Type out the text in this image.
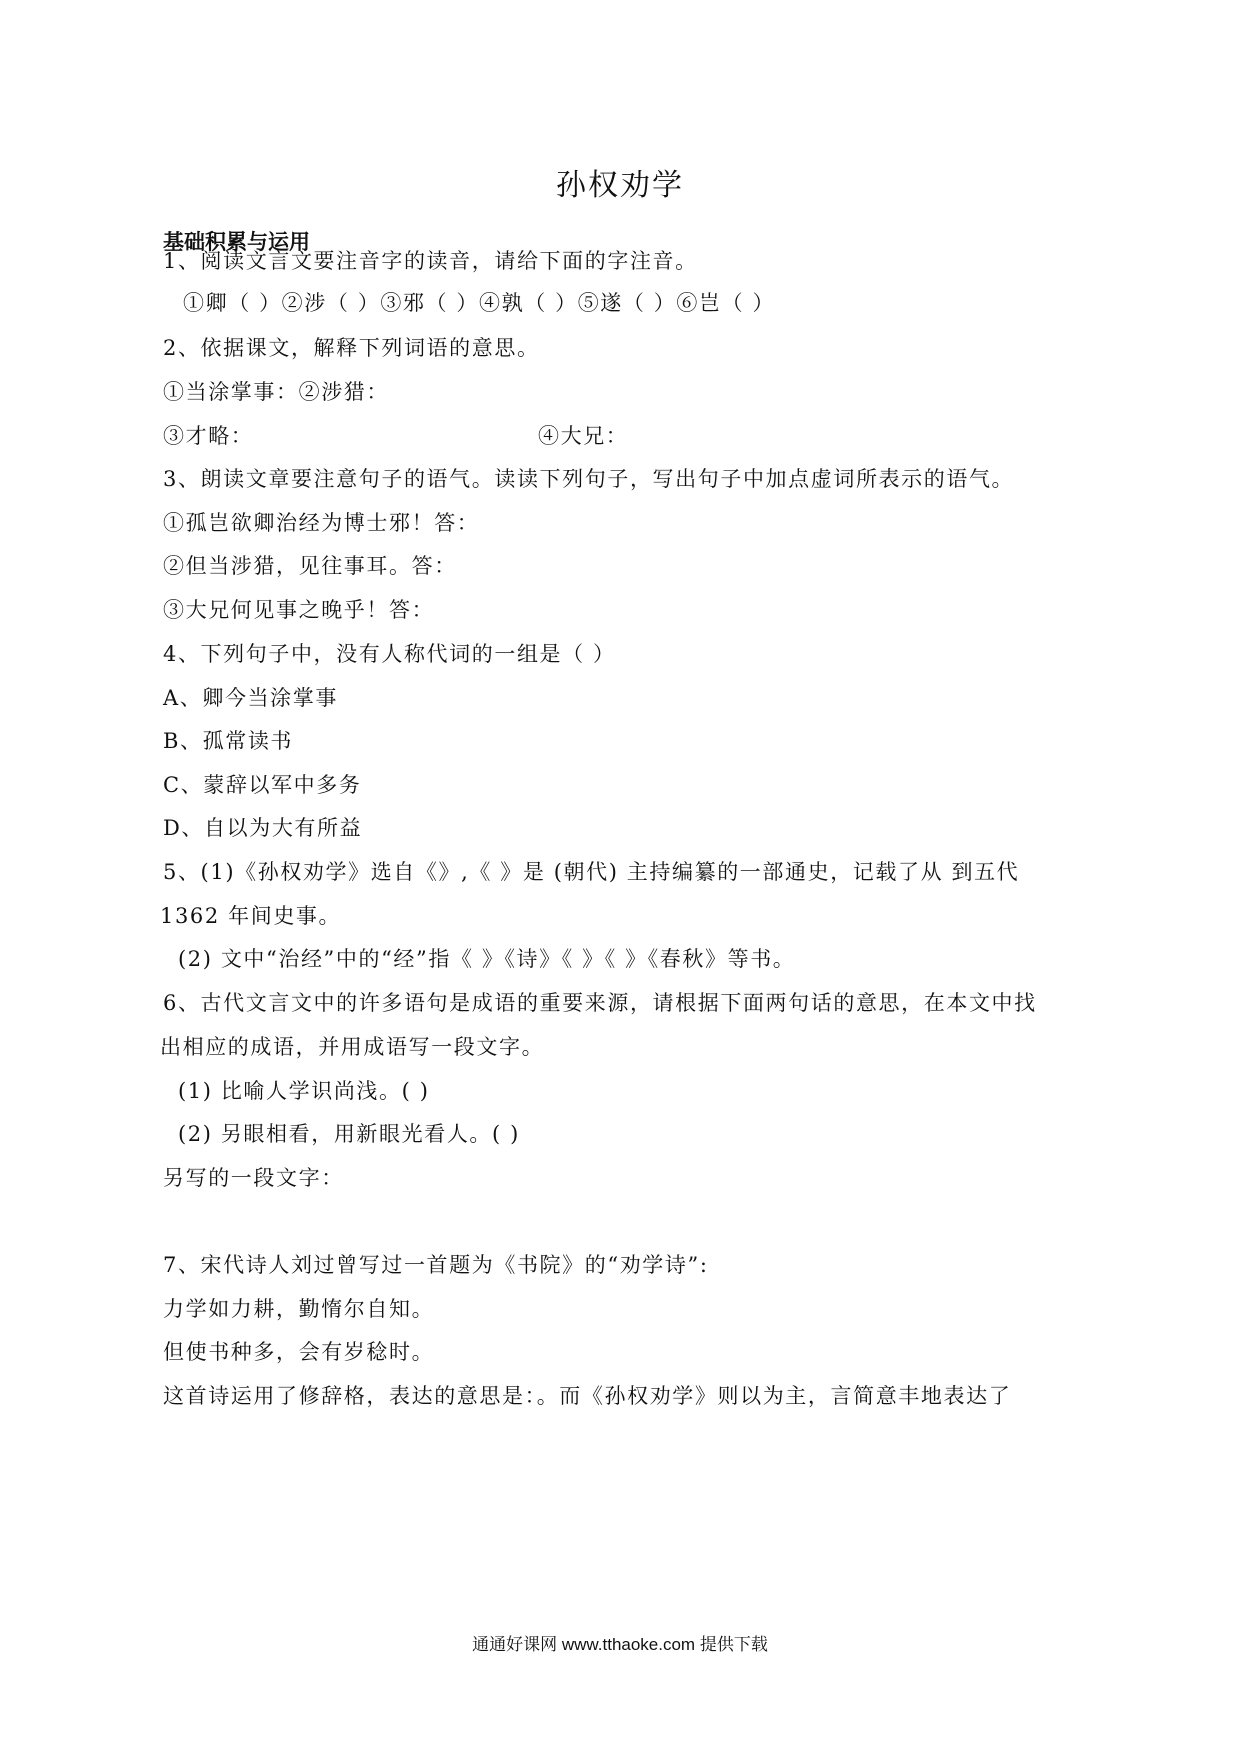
孙权劝学
基础积累与运用
1、阅读文言文要注音字的读音，请给下面的字注音。
①卿（ ）②涉（ ）③邪（ ）④孰（ ）⑤遂（ ）⑥岂（ ）
2、依据课文，解释下列词语的意思。
①当涂掌事：②涉猎：
③才略：	④大兄：
3、朗读文章要注意句子的语气。读读下列句子，写出句子中加点虚词所表示的语气。
①孤岂欲卿治经为博士邪！答：
②但当涉猎，见往事耳。答：
③大兄何见事之晚乎！答：
4、下列句子中，没有人称代词的一组是（ ）
A、卿今当涂掌事
B、孤常读书
C、蒙辞以军中多务
D、自以为大有所益
5、(1)《孙权劝学》选自《》,《 》是 (朝代) 主持编纂的一部通史，记载了从 到五代
1362 年间史事。
(2) 文中“治经”中的“经”指《 》《诗》《 》《 》《春秋》等书。
6、古代文言文中的许多语句是成语的重要来源，请根据下面两句话的意思，在本文中找
出相应的成语，并用成语写一段文字。
(1) 比喻人学识尚浅。( )
(2) 另眼相看，用新眼光看人。( )
另写的一段文字：
7、宋代诗人刘过曾写过一首题为《书院》的“劝学诗”:
力学如力耕，勤惰尔自知。
但使书种多，会有岁稔时。
这首诗运用了修辞格，表达的意思是：。而《孙权劝学》则以为主，言简意丰地表达了
通通好课网 www.tthaoke.com 提供下载
